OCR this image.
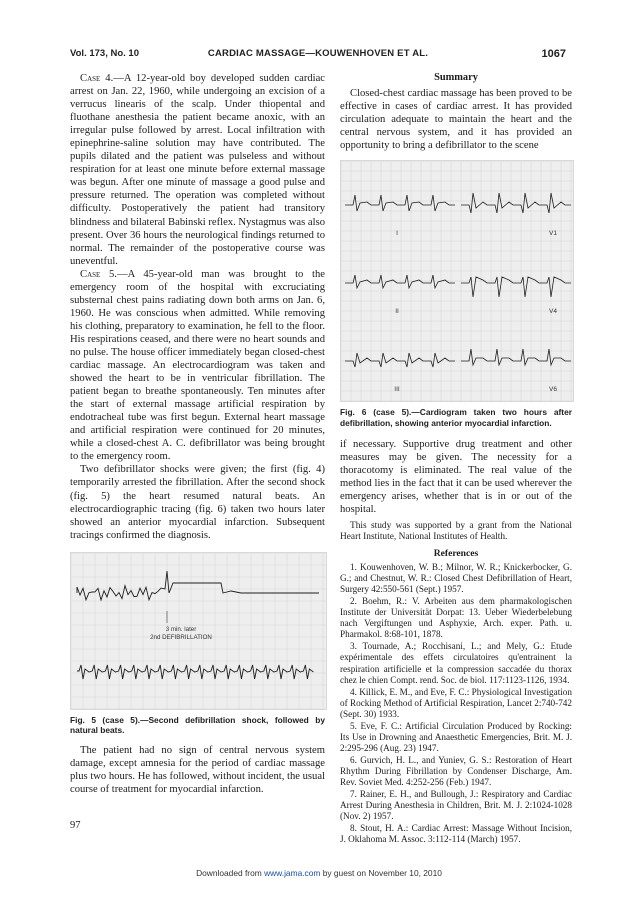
Vol. 173, No. 10	CARDIAC MASSAGE—KOUWENHOVEN ET AL.	1067

Case 4.—A 12-year-old boy developed sudden cardiac arrest on Jan. 22, 1960, while undergoing an excision of a verrucus linearis of the scalp. Under thiopental and fluothane anesthesia the patient became anoxic, with an irregular pulse followed by arrest. Local infiltration with epinephrine-saline solution may have contributed. The pupils dilated and the patient was pulseless and without respiration for at least one minute before external massage was begun. After one minute of massage a good pulse and pressure returned. The operation was completed without difficulty. Postoperatively the patient had transitory blindness and bilateral Babinski reflex. Nystagmus was also present. Over 36 hours the neurological findings returned to normal. The remainder of the postoperative course was uneventful.

Case 5.—A 45-year-old man was brought to the emergency room of the hospital with excruciating substernal chest pains radiating down both arms on Jan. 6, 1960. He was conscious when admitted. While removing his clothing, preparatory to examination, he fell to the floor. His respirations ceased, and there were no heart sounds and no pulse. The house officer immediately began closed-chest cardiac massage. An electrocardiogram was taken and showed the heart to be in ventricular fibrillation. The patient began to breathe spontaneously. Ten minutes after the start of external massage artificial respiration by endotracheal tube was first begun. External heart massage and artificial respiration were continued for 20 minutes, while a closed-chest A. C. defibrillator was being brought to the emergency room.

Two defibrillator shocks were given; the first (fig. 4) temporarily arrested the fibrillation. After the second shock (fig. 5) the heart resumed natural beats. An electrocardiographic tracing (fig. 6) taken two hours later showed an anterior myocardial infarction. Subsequent tracings confirmed the diagnosis.

3 min. later
2nd DEFIBRILLATION
Fig. 5 (case 5).—Second defibrillation shock, followed by natural beats.

The patient had no sign of central nervous system damage, except amnesia for the period of cardiac massage plus two hours. He has followed, without incident, the usual course of treatment for myocardial infarction.

Summary

Closed-chest cardiac massage has been proved to be effective in cases of cardiac arrest. It has provided circulation adequate to maintain the heart and the central nervous system, and it has provided an opportunity to bring a defibrillator to the scene

I	V1
II	V4
III	V6
Fig. 6 (case 5).—Cardiogram taken two hours after defibrillation, showing anterior myocardial infarction.

if necessary. Supportive drug treatment and other measures may be given. The necessity for a thoracotomy is eliminated. The real value of the method lies in the fact that it can be used wherever the emergency arises, whether that is in or out of the hospital.

This study was supported by a grant from the National Heart Institute, National Institutes of Health.

References
1. Kouwenhoven, W. B.; Milnor, W. R.; Knickerbocker, G. G.; and Chestnut, W. R.: Closed Chest Defibrillation of Heart, Surgery 42:550-561 (Sept.) 1957.
2. Boehm, R.: V. Arbeiten aus dem pharmakologischen Institute der Universität Dorpat: 13. Ueber Wiederbelebung nach Vergiftungen und Asphyxie, Arch. exper. Path. u. Pharmakol. 8:68-101, 1878.
3. Tournade, A.; Rocchisani, L.; and Mely, G.: Etude expérimentale des effets circulatoires qu'entrainent la respiration artificielle et la compression saccadée du thorax chez le chien Compt. rend. Soc. de biol. 117:1123-1126, 1934.
4. Killick, E. M., and Eve, F. C.: Physiological Investigation of Rocking Method of Artificial Respiration, Lancet 2:740-742 (Sept. 30) 1933.
5. Eve, F. C.: Artificial Circulation Produced by Rocking: Its Use in Drowning and Anaesthetic Emergencies, Brit. M. J. 2:295-296 (Aug. 23) 1947.
6. Gurvich, H. L., and Yuniev, G. S.: Restoration of Heart Rhythm During Fibrillation by Condenser Discharge, Am. Rev. Soviet Med. 4:252-256 (Feb.) 1947.
7. Rainer, E. H., and Bullough, J.: Respiratory and Cardiac Arrest During Anesthesia in Children, Brit. M. J. 2:1024-1028 (Nov. 2) 1957.
8. Stout, H. A.: Cardiac Arrest: Massage Without Incision, J. Oklahoma M. Assoc. 3:112-114 (March) 1957.
97
Downloaded from www.jama.com by guest on November 10, 2010
